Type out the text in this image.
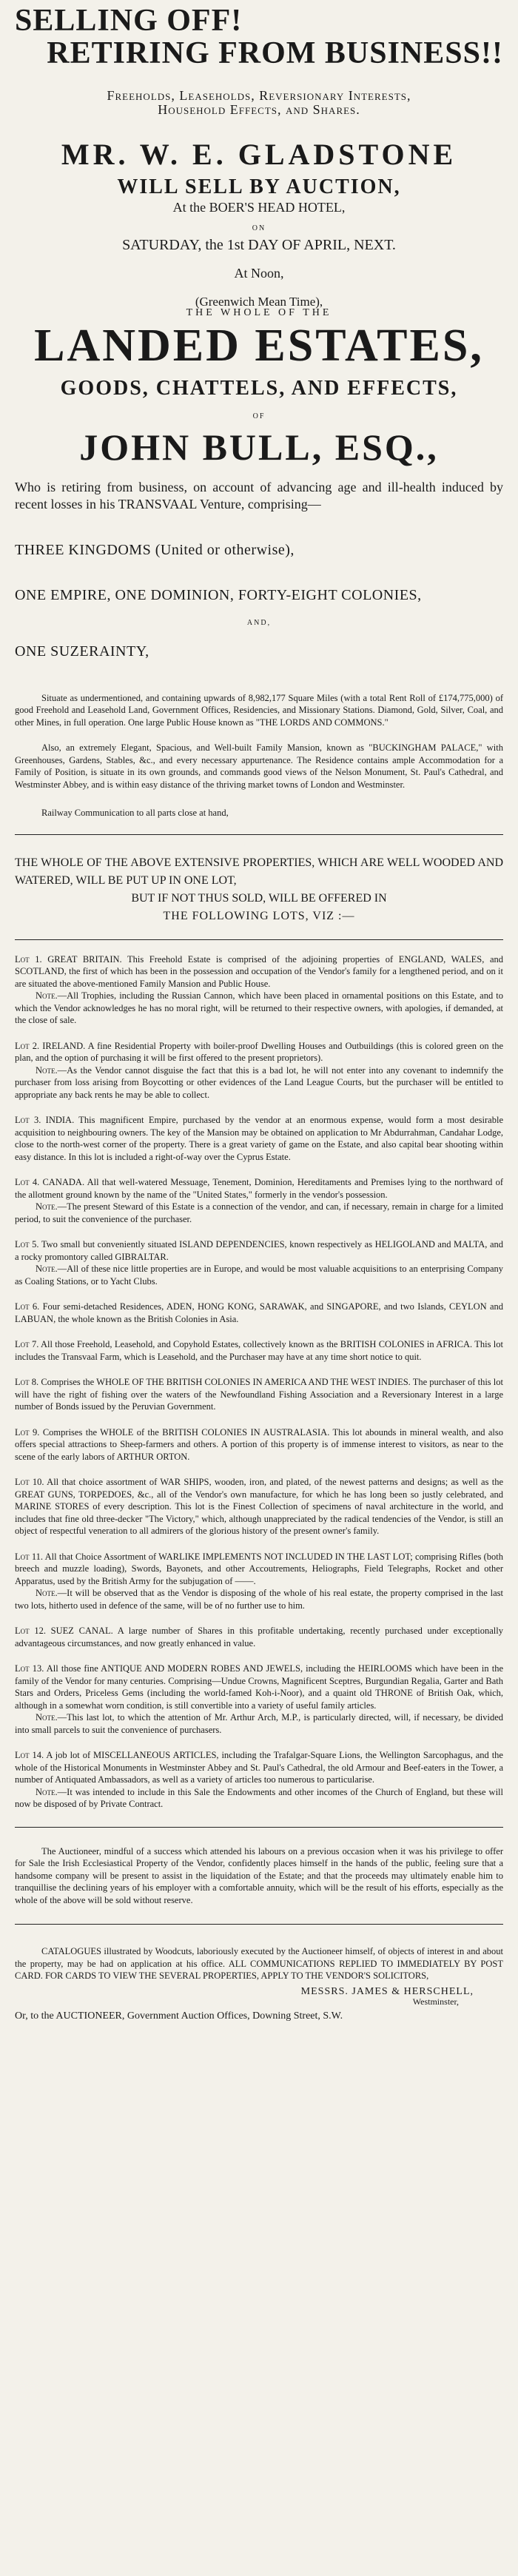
SELLING OFF!

RETIRING FROM BUSINESS!!

Freeholds, Leaseholds, Reversionary Interests,

Household Effects, and Shares.

MR. W. E. GLADSTONE

WILL SELL BY AUCTION,

At the BOER'S HEAD HOTEL,

ON

SATURDAY, the 1st DAY OF APRIL, NEXT.

At Noon,

(Greenwich Mean Time),

THE WHOLE OF THE

LANDED ESTATES,

GOODS, CHATTELS, AND EFFECTS,

OF

JOHN BULL, ESQ.,

Who is retiring from business, on account of advancing age and ill-health induced by recent losses in his TRANSVAAL Venture, comprising—

THREE KINGDOMS (United or otherwise),

ONE EMPIRE, ONE DOMINION, FORTY-EIGHT COLONIES,

AND,

ONE SUZERAINTY,

Situate as undermentioned, and containing upwards of 8,982,177 Square Miles (with a total Rent Roll of £174,775,000) of good Freehold and Leasehold Land, Government Offices, Residencies, and Missionary Stations. Diamond, Gold, Silver, Coal, and other Mines, in full operation. One large Public House known as "THE LORDS AND COMMONS."

Also, an extremely Elegant, Spacious, and Well-built Family Mansion, known as "BUCKINGHAM PALACE," with Greenhouses, Gardens, Stables, &c., and every necessary appurtenance. The Residence contains ample Accommodation for a Family of Position, is situate in its own grounds, and commands good views of the Nelson Monument, St. Paul's Cathedral, and Westminster Abbey, and is within easy distance of the thriving market towns of London and Westminster.

Railway Communication to all parts close at hand,

THE WHOLE OF THE ABOVE EXTENSIVE PROPERTIES, WHICH ARE WELL WOODED AND WATERED, WILL BE PUT UP IN ONE LOT,

BUT IF NOT THUS SOLD, WILL BE OFFERED IN

THE FOLLOWING LOTS, VIZ :—

Lot 1. GREAT BRITAIN. This Freehold Estate is comprised of the adjoining properties of ENGLAND, WALES, and SCOTLAND, the first of which has been in the possession and occupation of the Vendor's family for a lengthened period, and on it are situated the above-mentioned Family Mansion and Public House.

Note.—All Trophies, including the Russian Cannon, which have been placed in ornamental positions on this Estate, and to which the Vendor acknowledges he has no moral right, will be returned to their respective owners, with apologies, if demanded, at the close of sale.

Lot 2. IRELAND. A fine Residential Property with boiler-proof Dwelling Houses and Outbuildings (this is colored green on the plan, and the option of purchasing it will be first offered to the present proprietors).

Note.—As the Vendor cannot disguise the fact that this is a bad lot, he will not enter into any covenant to indemnify the purchaser from loss arising from Boycotting or other evidences of the Land League Courts, but the purchaser will be entitled to appropriate any back rents he may be able to collect.

Lot 3. INDIA. This magnificent Empire, purchased by the vendor at an enormous expense, would form a most desirable acquisition to neighbouring owners. The key of the Mansion may be obtained on application to Mr Abdurrahman, Candahar Lodge, close to the north-west corner of the property. There is a great variety of game on the Estate, and also capital bear shooting within easy distance. In this lot is included a right-of-way over the Cyprus Estate.

Lot 4. CANADA. All that well-watered Messuage, Tenement, Dominion, Hereditaments and Premises lying to the northward of the allotment ground known by the name of the "United States," formerly in the vendor's possession.

Note.—The present Steward of this Estate is a connection of the vendor, and can, if necessary, remain in charge for a limited period, to suit the convenience of the purchaser.

Lot 5. Two small but conveniently situated ISLAND DEPENDENCIES, known respectively as HELIGOLAND and MALTA, and a rocky promontory called GIBRALTAR.

Note.—All of these nice little properties are in Europe, and would be most valuable acquisitions to an enterprising Company as Coaling Stations, or to Yacht Clubs.

Lot 6. Four semi-detached Residences, ADEN, HONG KONG, SARAWAK, and SINGAPORE, and two Islands, CEYLON and LABUAN, the whole known as the British Colonies in Asia.

Lot 7. All those Freehold, Leasehold, and Copyhold Estates, collectively known as the BRITISH COLONIES in AFRICA. This lot includes the Transvaal Farm, which is Leasehold, and the Purchaser may have at any time short notice to quit.

Lot 8. Comprises the WHOLE OF THE BRITISH COLONIES IN AMERICA AND THE WEST INDIES. The purchaser of this lot will have the right of fishing over the waters of the Newfoundland Fishing Association and a Reversionary Interest in a large number of Bonds issued by the Peruvian Government.

Lot 9. Comprises the WHOLE of the BRITISH COLONIES IN AUSTRALASIA. This lot abounds in mineral wealth, and also offers special attractions to Sheep-farmers and others. A portion of this property is of immense interest to visitors, as near to the scene of the early labors of ARTHUR ORTON.

Lot 10. All that choice assortment of WAR SHIPS, wooden, iron, and plated, of the newest patterns and designs; as well as the GREAT GUNS, TORPEDOES, &c., all of the Vendor's own manufacture, for which he has long been so justly celebrated, and MARINE STORES of every description. This lot is the Finest Collection of specimens of naval architecture in the world, and includes that fine old three-decker "The Victory," which, although unappreciated by the radical tendencies of the Vendor, is still an object of respectful veneration to all admirers of the glorious history of the present owner's family.

Lot 11. All that Choice Assortment of WARLIKE IMPLEMENTS NOT INCLUDED IN THE LAST LOT; comprising Rifles (both breech and muzzle loading), Swords, Bayonets, and other Accoutrements, Heliographs, Field Telegraphs, Rocket and other Apparatus, used by the British Army for the subjugation of ——.

Note.—It will be observed that as the Vendor is disposing of the whole of his real estate, the property comprised in the last two lots, hitherto used in defence of the same, will be of no further use to him.

Lot 12. SUEZ CANAL. A large number of Shares in this profitable undertaking, recently purchased under exceptionally advantageous circumstances, and now greatly enhanced in value.

Lot 13. All those fine ANTIQUE AND MODERN ROBES AND JEWELS, including the HEIRLOOMS which have been in the family of the Vendor for many centuries. Comprising—Undue Crowns, Magnificent Sceptres, Burgundian Regalia, Garter and Bath Stars and Orders, Priceless Gems (including the world-famed Koh-i-Noor), and a quaint old THRONE of British Oak, which, although in a somewhat worn condition, is still convertible into a variety of useful family articles.

Note.—This last lot, to which the attention of Mr. Arthur Arch, M.P., is particularly directed, will, if necessary, be divided into small parcels to suit the convenience of purchasers.

Lot 14. A job lot of MISCELLANEOUS ARTICLES, including the Trafalgar-Square Lions, the Wellington Sarcophagus, and the whole of the Historical Monuments in Westminster Abbey and St. Paul's Cathedral, the old Armour and Beef-eaters in the Tower, a number of Antiquated Ambassadors, as well as a variety of articles too numerous to particularise.

Note.—It was intended to include in this Sale the Endowments and other incomes of the Church of England, but these will now be disposed of by Private Contract.

The Auctioneer, mindful of a success which attended his labours on a previous occasion when it was his privilege to offer for Sale the Irish Ecclesiastical Property of the Vendor, confidently places himself in the hands of the public, feeling sure that a handsome company will be present to assist in the liquidation of the Estate; and that the proceeds may ultimately enable him to tranquillise the declining years of his employer with a comfortable annuity, which will be the result of his efforts, especially as the whole of the above will be sold without reserve.

CATALOGUES illustrated by Woodcuts, laboriously executed by the Auctioneer himself, of objects of interest in and about the property, may be had on application at his office. ALL COMMUNICATIONS REPLIED TO IMMEDIATELY BY POST CARD. FOR CARDS TO VIEW THE SEVERAL PROPERTIES, APPLY TO THE VENDOR'S SOLICITORS,

MESSRS. JAMES & HERSCHELL,

Westminster,

Or, to the AUCTIONEER, Government Auction Offices, Downing Street, S.W.
